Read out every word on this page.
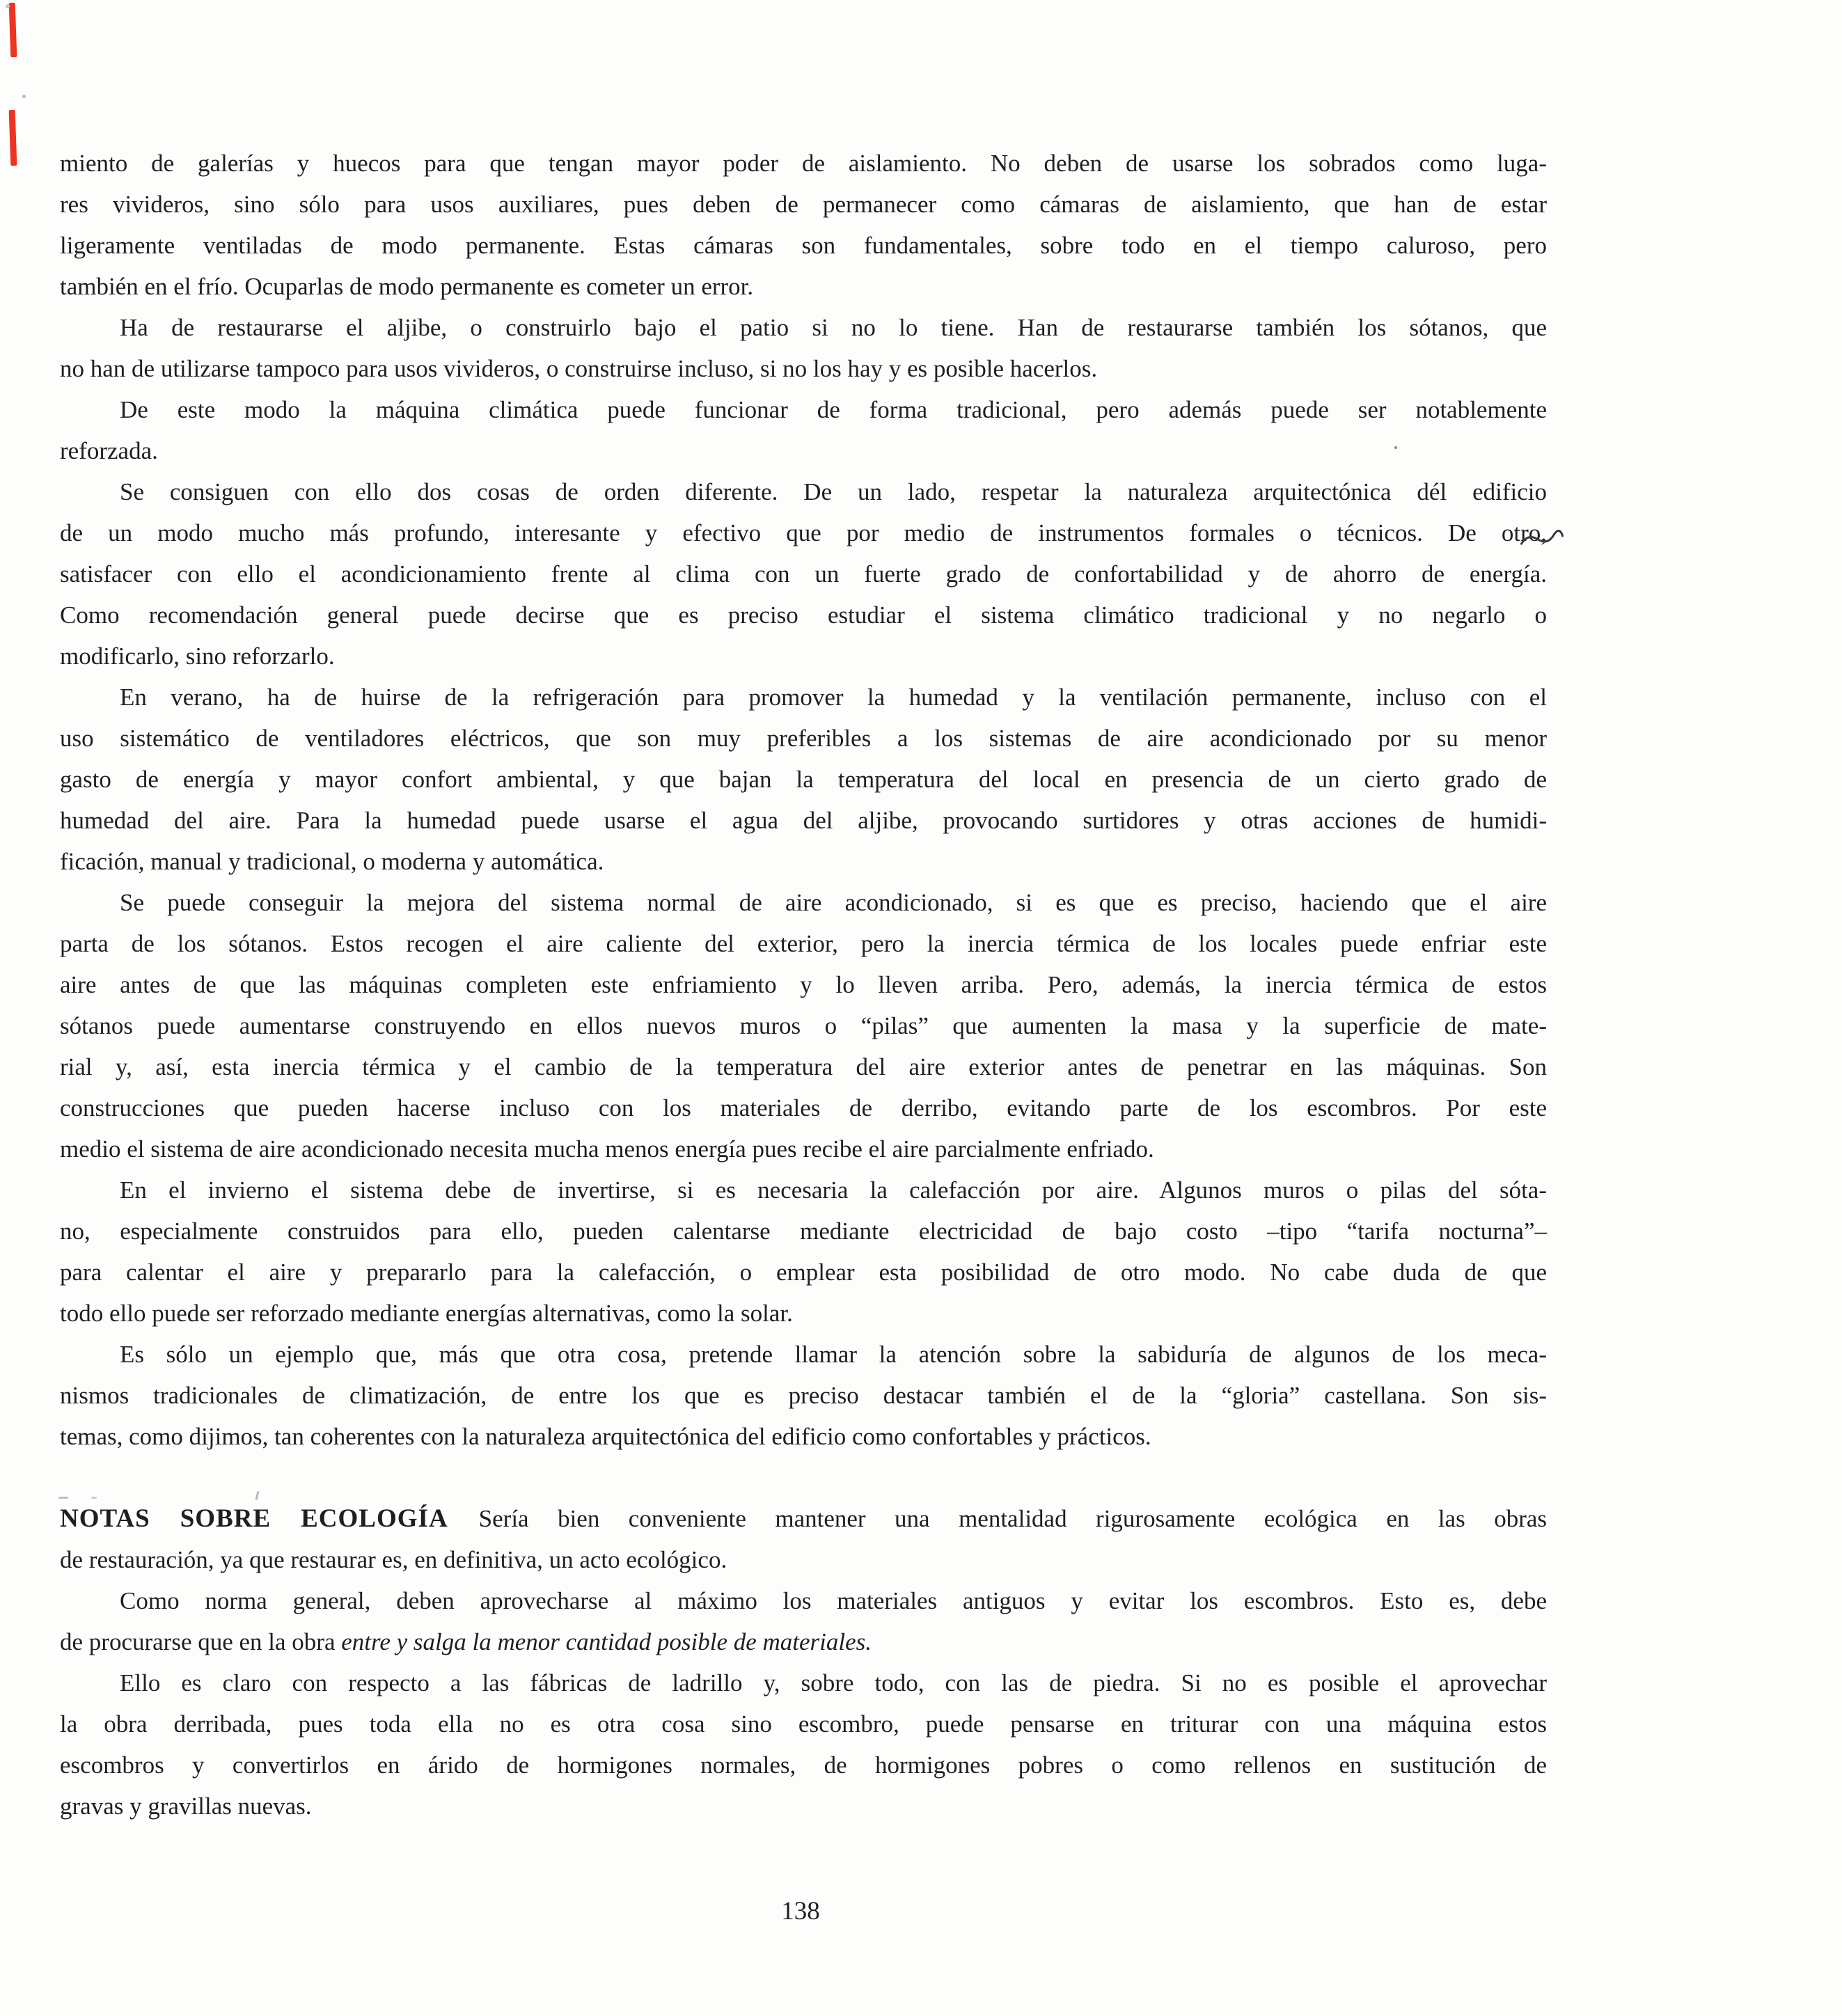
miento de galerías y huecos para que tengan mayor poder de aislamiento. No deben de usarse los sobrados como luga-
res vivideros, sino sólo para usos auxiliares, pues deben de permanecer como cámaras de aislamiento, que han de estar
ligeramente ventiladas de modo permanente. Estas cámaras son fundamentales, sobre todo en el tiempo caluroso, pero
también en el frío. Ocuparlas de modo permanente es cometer un error.
Ha de restaurarse el aljibe, o construirlo bajo el patio si no lo tiene. Han de restaurarse también los sótanos, que
no han de utilizarse tampoco para usos vivideros, o construirse incluso, si no los hay y es posible hacerlos.
De este modo la máquina climática puede funcionar de forma tradicional, pero además puede ser notablemente
reforzada.
Se consiguen con ello dos cosas de orden diferente. De un lado, respetar la naturaleza arquitectónica dél edificio
de un modo mucho más profundo, interesante y efectivo que por medio de instrumentos formales o técnicos. De otro,
satisfacer con ello el acondicionamiento frente al clima con un fuerte grado de confortabilidad y de ahorro de energía.
Como recomendación general puede decirse que es preciso estudiar el sistema climático tradicional y no negarlo o
modificarlo, sino reforzarlo.
En verano, ha de huirse de la refrigeración para promover la humedad y la ventilación permanente, incluso con el
uso sistemático de ventiladores eléctricos, que son muy preferibles a los sistemas de aire acondicionado por su menor
gasto de energía y mayor confort ambiental, y que bajan la temperatura del local en presencia de un cierto grado de
humedad del aire. Para la humedad puede usarse el agua del aljibe, provocando surtidores y otras acciones de humidi-
ficación, manual y tradicional, o moderna y automática.
Se puede conseguir la mejora del sistema normal de aire acondicionado, si es que es preciso, haciendo que el aire
parta de los sótanos. Estos recogen el aire caliente del exterior, pero la inercia térmica de los locales puede enfriar este
aire antes de que las máquinas completen este enfriamiento y lo lleven arriba. Pero, además, la inercia térmica de estos
sótanos puede aumentarse construyendo en ellos nuevos muros o “pilas” que aumenten la masa y la superficie de mate-
rial y, así, esta inercia térmica y el cambio de la temperatura del aire exterior antes de penetrar en las máquinas. Son
construcciones que pueden hacerse incluso con los materiales de derribo, evitando parte de los escombros. Por este
medio el sistema de aire acondicionado necesita mucha menos energía pues recibe el aire parcialmente enfriado.
En el invierno el sistema debe de invertirse, si es necesaria la calefacción por aire. Algunos muros o pilas del sóta-
no, especialmente construidos para ello, pueden calentarse mediante electricidad de bajo costo –tipo “tarifa nocturna”–
para calentar el aire y prepararlo para la calefacción, o emplear esta posibilidad de otro modo. No cabe duda de que
todo ello puede ser reforzado mediante energías alternativas, como la solar.
Es sólo un ejemplo que, más que otra cosa, pretende llamar la atención sobre la sabiduría de algunos de los meca-
nismos tradicionales de climatización, de entre los que es preciso destacar también el de la “gloria” castellana. Son sis-
temas, como dijimos, tan coherentes con la naturaleza arquitectónica del edificio como confortables y prácticos.
NOTAS SOBRE ECOLOGÍA Sería bien conveniente mantener una mentalidad rigurosamente ecológica en las obras
de restauración, ya que restaurar es, en definitiva, un acto ecológico.
Como norma general, deben aprovecharse al máximo los materiales antiguos y evitar los escombros. Esto es, debe
de procurarse que en la obra entre y salga la menor cantidad posible de materiales.
Ello es claro con respecto a las fábricas de ladrillo y, sobre todo, con las de piedra. Si no es posible el aprovechar
la obra derribada, pues toda ella no es otra cosa sino escombro, puede pensarse en triturar con una máquina estos
escombros y convertirlos en árido de hormigones normales, de hormigones pobres o como rellenos en sustitución de
gravas y gravillas nuevas.
138
